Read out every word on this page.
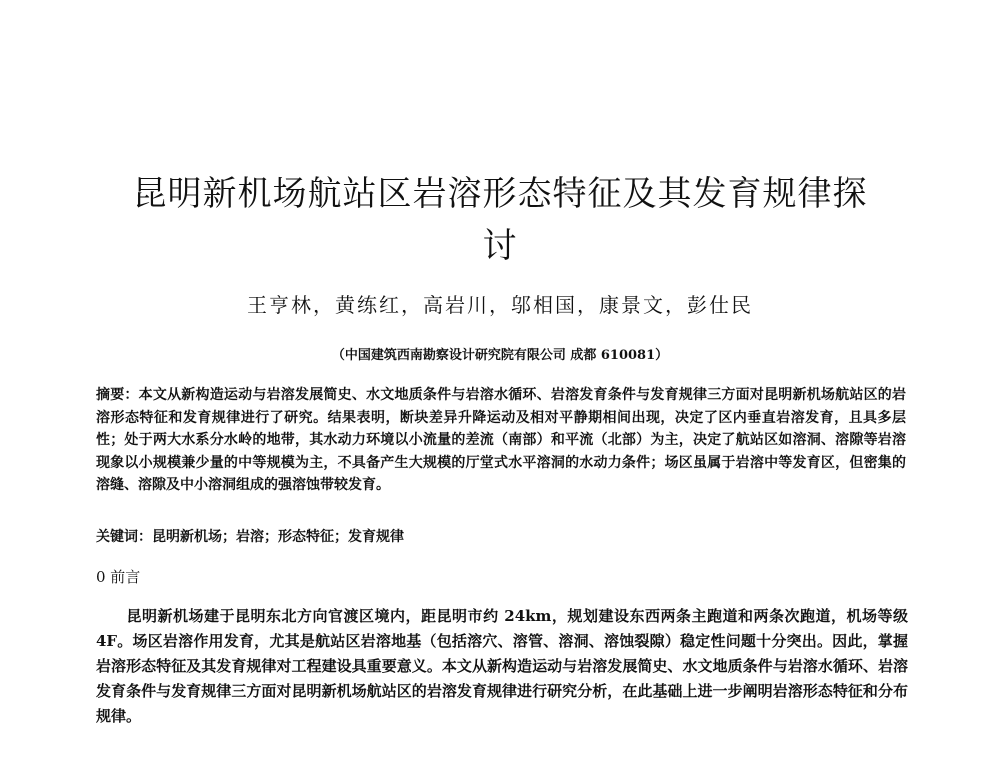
昆明新机场航站区岩溶形态特征及其发育规律探
讨
王亨林，黄练红，高岩川，邬相国，康景文，彭仕民
（中国建筑西南勘察设计研究院有限公司 成都 610081）

摘要：本文从新构造运动与岩溶发展简史、水文地质条件与岩溶水循环、岩溶发育条件与发育规律三方面对昆明新机场航站区的岩溶形态特征和发育规律进行了研究。结果表明，断块差异升降运动及相对平静期相间出现，决定了区内垂直岩溶发育，且具多层性；处于两大水系分水岭的地带，其水动力环境以小流量的差流（南部）和平流（北部）为主，决定了航站区如溶洞、溶隙等岩溶现象以小规模兼少量的中等规模为主，不具备产生大规模的厅堂式水平溶洞的水动力条件；场区虽属于岩溶中等发育区，但密集的溶缝、溶隙及中小溶洞组成的强溶蚀带较发育。

关键词：昆明新机场；岩溶；形态特征；发育规律
0 前言

昆明新机场建于昆明东北方向官渡区境内，距昆明市约 24km，规划建设东西两条主跑道和两条次跑道，机场等级 4F。场区岩溶作用发育，尤其是航站区岩溶地基（包括溶穴、溶管、溶洞、溶蚀裂隙）稳定性问题十分突出。因此，掌握岩溶形态特征及其发育规律对工程建设具重要意义。本文从新构造运动与岩溶发展简史、水文地质条件与岩溶水循环、岩溶发育条件与发育规律三方面对昆明新机场航站区的岩溶发育规律进行研究分析，在此基础上进一步阐明岩溶形态特征和分布规律。
